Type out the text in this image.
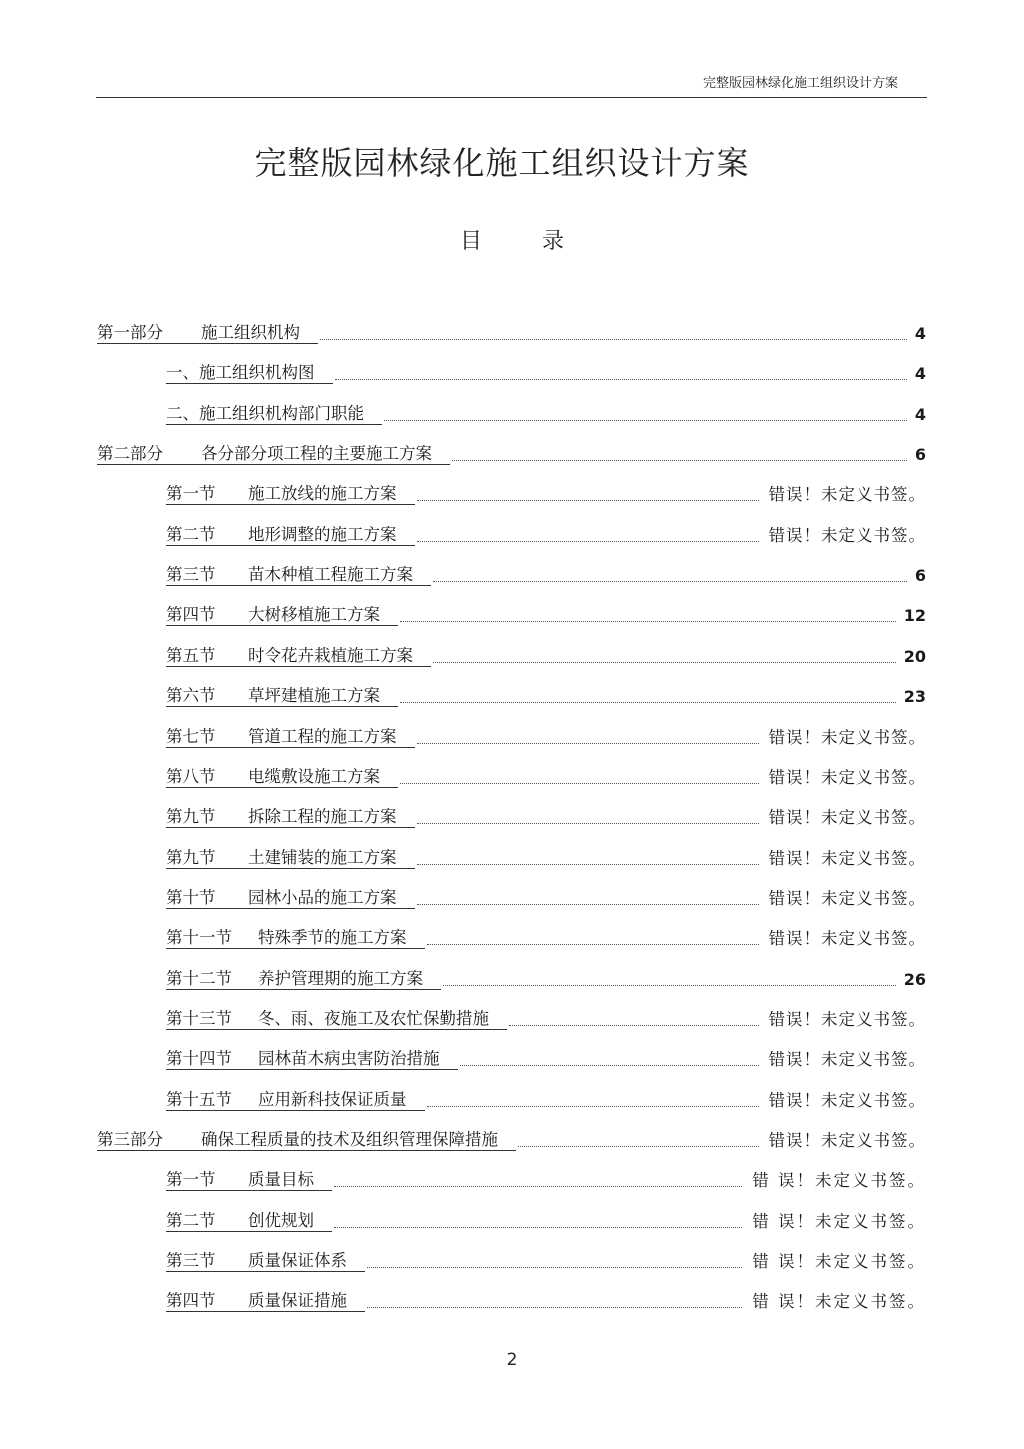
完整版园林绿化施工组织设计方案
完整版园林绿化施工组织设计方案
目	录
第一部分	施工组织机构	4
一、施工组织机构图	4
二、施工组织机构部门职能	4
第二部分	各分部分项工程的主要施工方案	6
第一节	施工放线的施工方案	错误！未定义书签。
第二节	地形调整的施工方案	错误！未定义书签。
第三节	苗木种植工程施工方案	6
第四节	大树移植施工方案	12
第五节	时令花卉栽植施工方案	20
第六节	草坪建植施工方案	23
第七节	管道工程的施工方案	错误！未定义书签。
第八节	电缆敷设施工方案	错误！未定义书签。
第九节	拆除工程的施工方案	错误！未定义书签。
第九节	土建铺装的施工方案	错误！未定义书签。
第十节	园林小品的施工方案	错误！未定义书签。
第十一节	特殊季节的施工方案	错误！未定义书签。
第十二节	养护管理期的施工方案	26
第十三节	冬、雨、夜施工及农忙保勤措施	错误！未定义书签。
第十四节	园林苗木病虫害防治措施	错误！未定义书签。
第十五节	应用新科技保证质量	错误！未定义书签。
第三部分	确保工程质量的技术及组织管理保障措施	错误！未定义书签。
第一节	质量目标	错 误！未定义书签。
第二节	创优规划	错 误！未定义书签。
第三节	质量保证体系	错 误！未定义书签。
第四节	质量保证措施	错 误！未定义书签。
2
